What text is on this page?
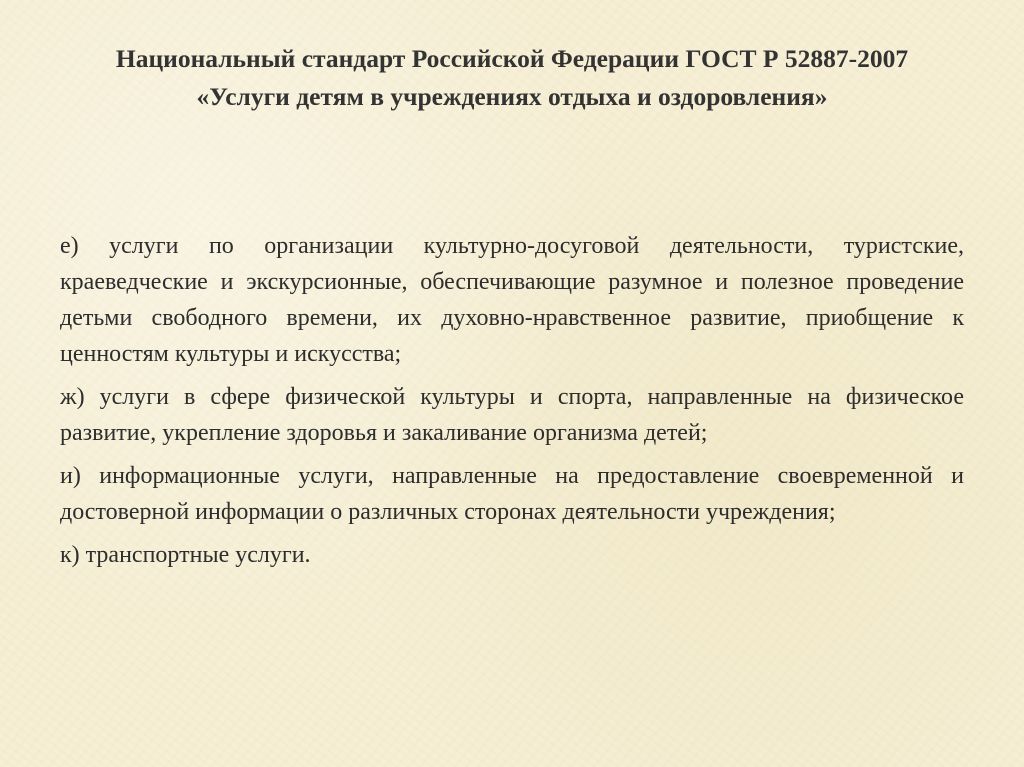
Национальный стандарт Российской Федерации ГОСТ Р 52887-2007 «Услуги детям в учреждениях отдыха и оздоровления»

е) услуги по организации культурно-досуговой деятельности, туристские, краеведческие и экскурсионные, обеспечивающие разумное и полезное проведение детьми свободного времени, их духовно-нравственное развитие, приобщение к ценностям культуры и искусства;

ж) услуги в сфере физической культуры и спорта, направленные на физическое развитие, укрепление здоровья и закаливание организма детей;

и) информационные услуги, направленные на предоставление своевременной и достоверной информации о различных сторонах деятельности учреждения;

к) транспортные услуги.
